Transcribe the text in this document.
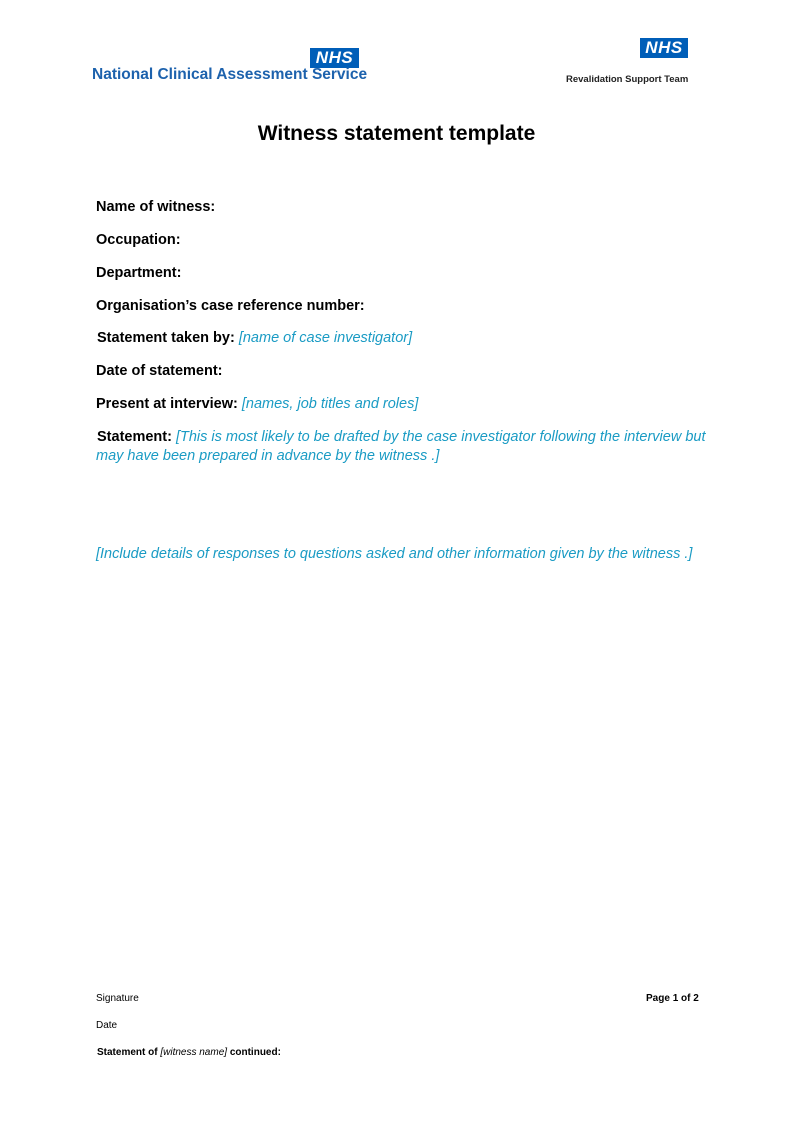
NHS
National Clinical Assessment Service
NHS
Revalidation Support Team
Witness statement template
Name of witness:
Occupation:
Department:
Organisation’s case reference number:
Statement taken by: [name of case investigator]
Date of statement:
Present at interview: [names, job titles and roles]
Statement: [This is most likely to be drafted by the case investigator following the interview but may have been prepared in advance by the witness .]
[Include details of responses to questions asked and other information given by the witness .]
Signature
Date
Page 1 of 2
Statement of [witness name] continued:
